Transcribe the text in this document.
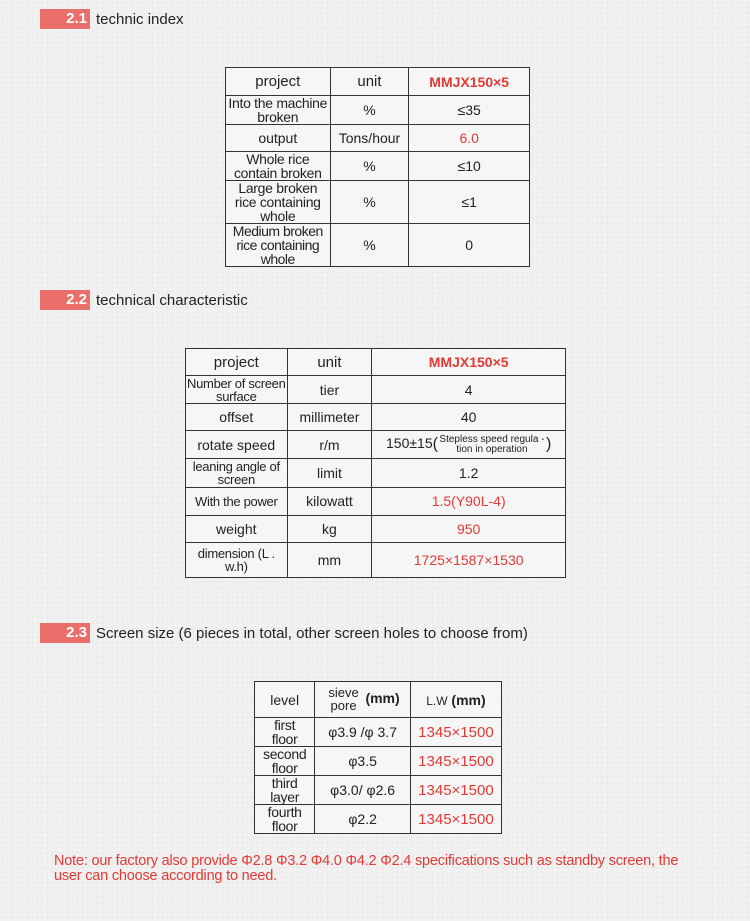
2.1 technic index
project	unit	MMJX150×5
Into the machine broken	%	≤35
output	Tons/hour	6.0
Whole rice contain broken	%	≤10
Large broken rice containing whole	%	≤1
Medium broken rice containing whole	%	0
2.2 technical characteristic
project	unit	MMJX150×5
Number of screen surface	tier	4
offset	millimeter	40
rotate speed	r/m	150±15(Stepless speed regula -tion in operation )
leaning angle of screen	limit	1.2
With the power	kilowatt	1.5(Y90L-4)
weight	kg	950
dimension (L . w.h)	mm	1725×1587×1530
2.3 Screen size (6 pieces in total, other screen holes to choose from)
level	sieve pore (mm)	L.W (mm)
first floor	φ3.9 /φ 3.7	1345×1500
second floor	φ3.5	1345×1500
third layer	φ3.0/ φ2.6	1345×1500
fourth floor	φ2.2	1345×1500
Note: our factory also provide Φ2.8 Φ3.2 Φ4.0 Φ4.2 Φ2.4 specifications such as standby screen, the user can choose according to need.
